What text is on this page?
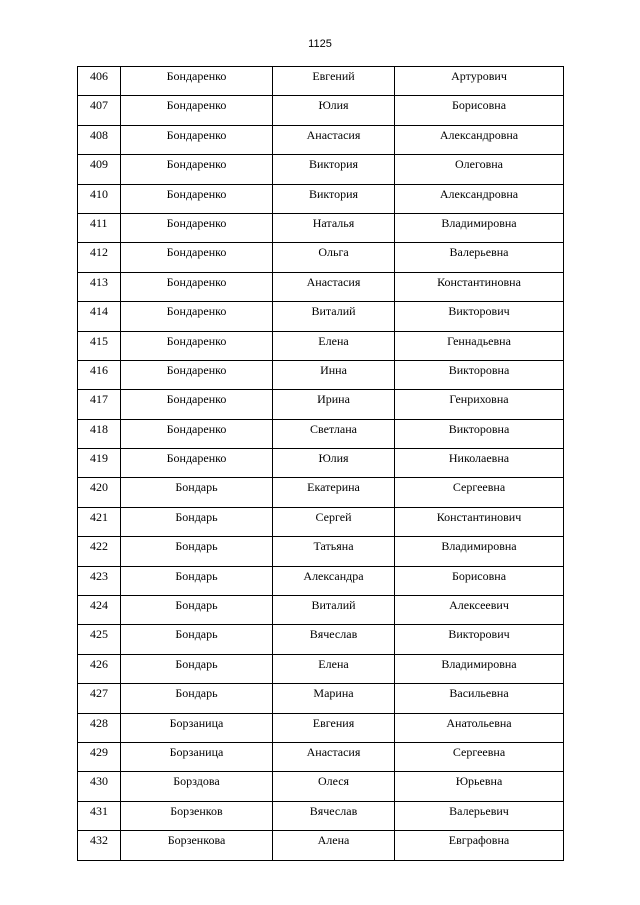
1125
406	Бондаренко	Евгений	Артурович
407	Бондаренко	Юлия	Борисовна
408	Бондаренко	Анастасия	Александровна
409	Бондаренко	Виктория	Олеговна
410	Бондаренко	Виктория	Александровна
411	Бондаренко	Наталья	Владимировна
412	Бондаренко	Ольга	Валерьевна
413	Бондаренко	Анастасия	Константиновна
414	Бондаренко	Виталий	Викторович
415	Бондаренко	Елена	Геннадьевна
416	Бондаренко	Инна	Викторовна
417	Бондаренко	Ирина	Генриховна
418	Бондаренко	Светлана	Викторовна
419	Бондаренко	Юлия	Николаевна
420	Бондарь	Екатерина	Сергеевна
421	Бондарь	Сергей	Константинович
422	Бондарь	Татьяна	Владимировна
423	Бондарь	Александра	Борисовна
424	Бондарь	Виталий	Алексеевич
425	Бондарь	Вячеслав	Викторович
426	Бондарь	Елена	Владимировна
427	Бондарь	Марина	Васильевна
428	Борзаница	Евгения	Анатольевна
429	Борзаница	Анастасия	Сергеевна
430	Борздова	Олеся	Юрьевна
431	Борзенков	Вячеслав	Валерьевич
432	Борзенкова	Алена	Евграфовна
